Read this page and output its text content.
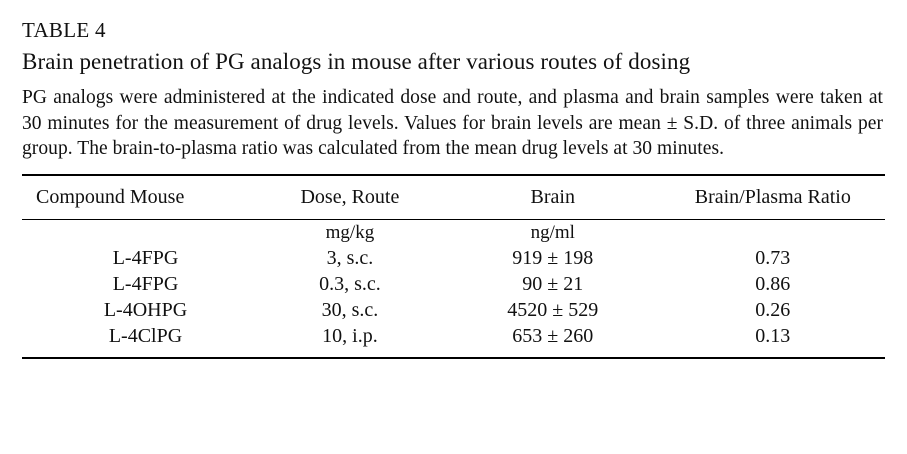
TABLE 4
Brain penetration of PG analogs in mouse after various routes of dosing
PG analogs were administered at the indicated dose and route, and plasma and brain samples were taken at 30 minutes for the measurement of drug levels. Values for brain levels are mean ± S.D. of three animals per group. The brain-to-plasma ratio was calculated from the mean drug levels at 30 minutes.
Compound Mouse	Dose, Route	Brain	Brain/Plasma Ratio
	mg/kg	ng/ml	
L-4FPG	3, s.c.	919 ± 198	0.73
L-4FPG	0.3, s.c.	90 ± 21	0.86
L-4OHPG	30, s.c.	4520 ± 529	0.26
L-4ClPG	10, i.p.	653 ± 260	0.13
